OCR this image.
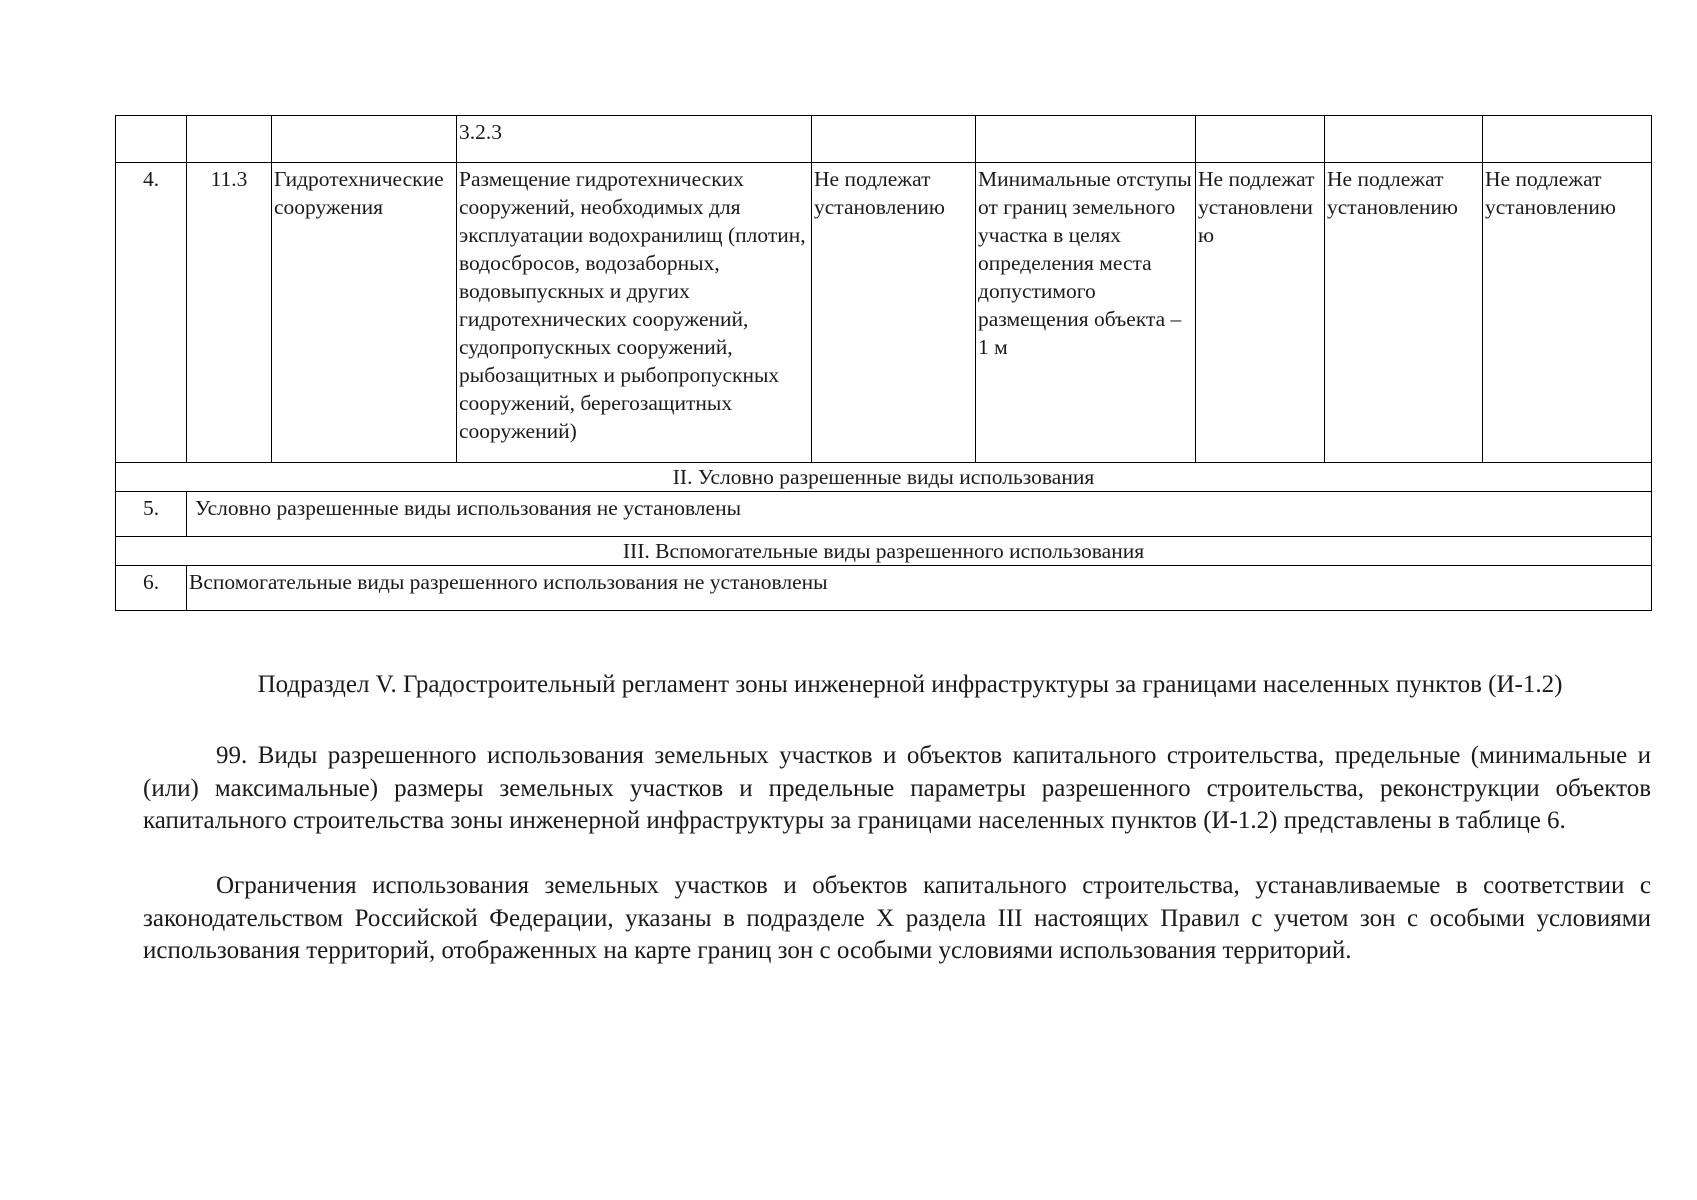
			3.2.3					
4.	11.3	Гидротехнические сооружения	Размещение гидротехнических сооружений, необходимых для эксплуатации водохранилищ (плотин, водосбросов, водозаборных, водовыпускных и других гидротехнических сооружений, судопропускных сооружений, рыбозащитных и рыбопропускных сооружений, берегозащитных сооружений)	Не подлежат установлению	Минимальные отступы от границ земельного участка в целях определения места допустимого размещения объекта – 1 м	Не подлежат установлению	Не подлежат установлению	Не подлежат установлению
II. Условно разрешенные виды использования								
5.	Условно разрешенные виды использования не установлены							
III. Вспомогательные виды разрешенного использования								
6.	Вспомогательные виды разрешенного использования не установлены							
Подраздел V. Градостроительный регламент зоны инженерной инфраструктуры за границами населенных пунктов (И-1.2)

99. Виды разрешенного использования земельных участков и объектов капитального строительства, предельные (минимальные и (или) максимальные) размеры земельных участков и предельные параметры разрешенного строительства, реконструкции объектов капитального строительства зоны инженерной инфраструктуры за границами населенных пунктов (И-1.2) представлены в таблице 6.

Ограничения использования земельных участков и объектов капитального строительства, устанавливаемые в соответствии с законодательством Российской Федерации, указаны в подразделе X раздела III настоящих Правил с учетом зон с особыми условиями использования территорий, отображенных на карте границ зон с особыми условиями использования территорий.
